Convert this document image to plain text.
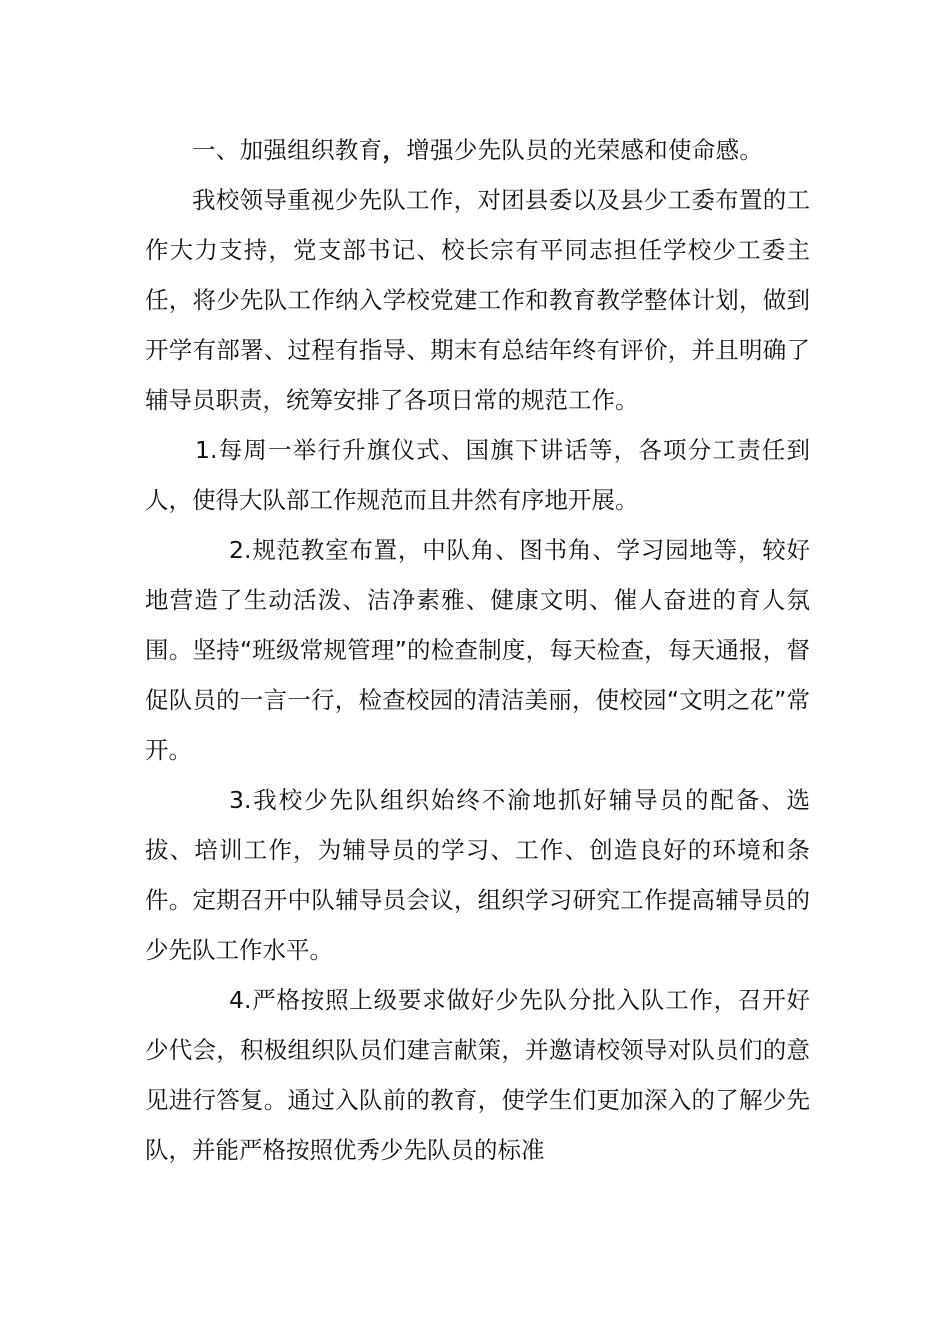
一、加强组织教育，增强少先队员的光荣感和使命感。

我校领导重视少先队工作，对团县委以及县少工委布置的工作大力支持，党支部书记、校长宗有平同志担任学校少工委主任，将少先队工作纳入学校党建工作和教育教学整体计划，做到开学有部署、过程有指导、期末有总结年终有评价，并且明确了辅导员职责，统筹安排了各项日常的规范工作。

1.每周一举行升旗仪式、国旗下讲话等，各项分工责任到人，使得大队部工作规范而且井然有序地开展。

2.规范教室布置，中队角、图书角、学习园地等，较好地营造了生动活泼、洁净素雅、健康文明、催人奋进的育人氛围。坚持“班级常规管理”的检查制度，每天检查，每天通报，督促队员的一言一行，检查校园的清洁美丽，使校园“文明之花”常开。

3.我校少先队组织始终不渝地抓好辅导员的配备、选拔、培训工作，为辅导员的学习、工作、创造良好的环境和条件。定期召开中队辅导员会议，组织学习研究工作提高辅导员的少先队工作水平。

4.严格按照上级要求做好少先队分批入队工作，召开好少代会，积极组织队员们建言献策，并邀请校领导对队员们的意见进行答复。通过入队前的教育，使学生们更加深入的了解少先队，并能严格按照优秀少先队员的标准
